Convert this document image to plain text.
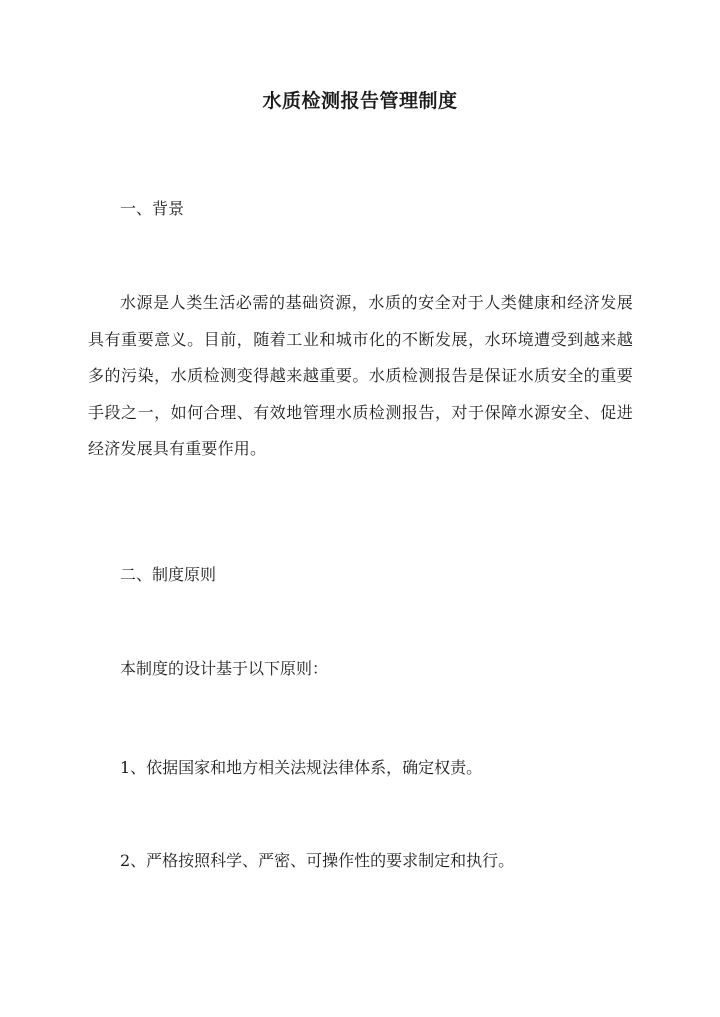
水质检测报告管理制度
一、背景
水源是人类生活必需的基础资源，水质的安全对于人类健康和经济发展具有重要意义。目前，随着工业和城市化的不断发展，水环境遭受到越来越多的污染，水质检测变得越来越重要。水质检测报告是保证水质安全的重要手段之一，如何合理、有效地管理水质检测报告，对于保障水源安全、促进经济发展具有重要作用。
二、制度原则
本制度的设计基于以下原则：
1、依据国家和地方相关法规法律体系，确定权责。
2、严格按照科学、严密、可操作性的要求制定和执行。
